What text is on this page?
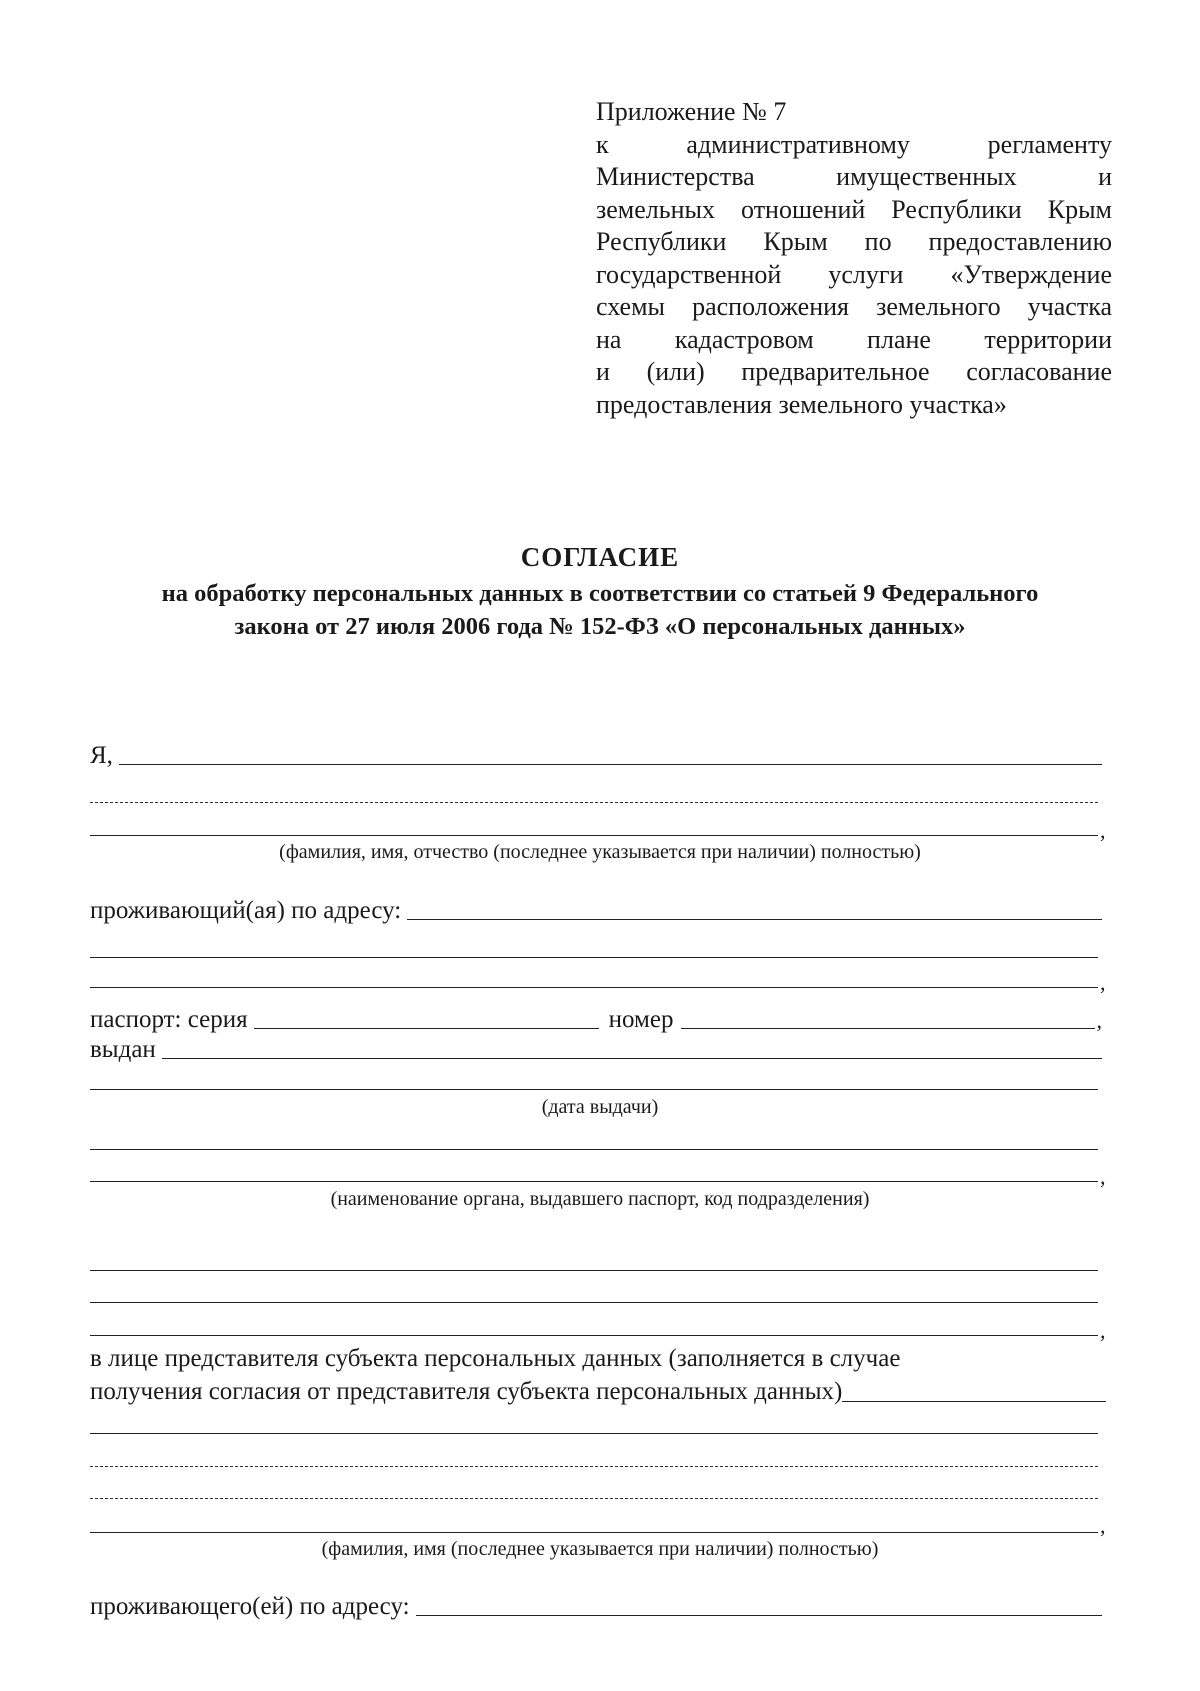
Приложение № 7
к административному регламенту
Министерства имущественных и
земельных отношений Республики Крым
Республики Крым по предоставлению
государственной услуги «Утверждение
схемы расположения земельного участка
на кадастровом плане территории
и (или) предварительное согласование
предоставления земельного участка»
СОГЛАСИЕ
на обработку персональных данных в соответствии со статьей 9 Федерального
закона от 27 июля 2006 года № 152-ФЗ «О персональных данных»
Я,
,
(фамилия, имя, отчество (последнее указывается при наличии) полностью)
проживающий(ая) по адресу:
,
паспорт: серия	номер	,
выдан
(дата выдачи)
,
(наименование органа, выдавшего паспорт, код подразделения)
,
в лице представителя субъекта персональных данных (заполняется в случае
получения согласия от представителя субъекта персональных данных)
,
(фамилия, имя (последнее указывается при наличии) полностью)
проживающего(ей) по адресу:
